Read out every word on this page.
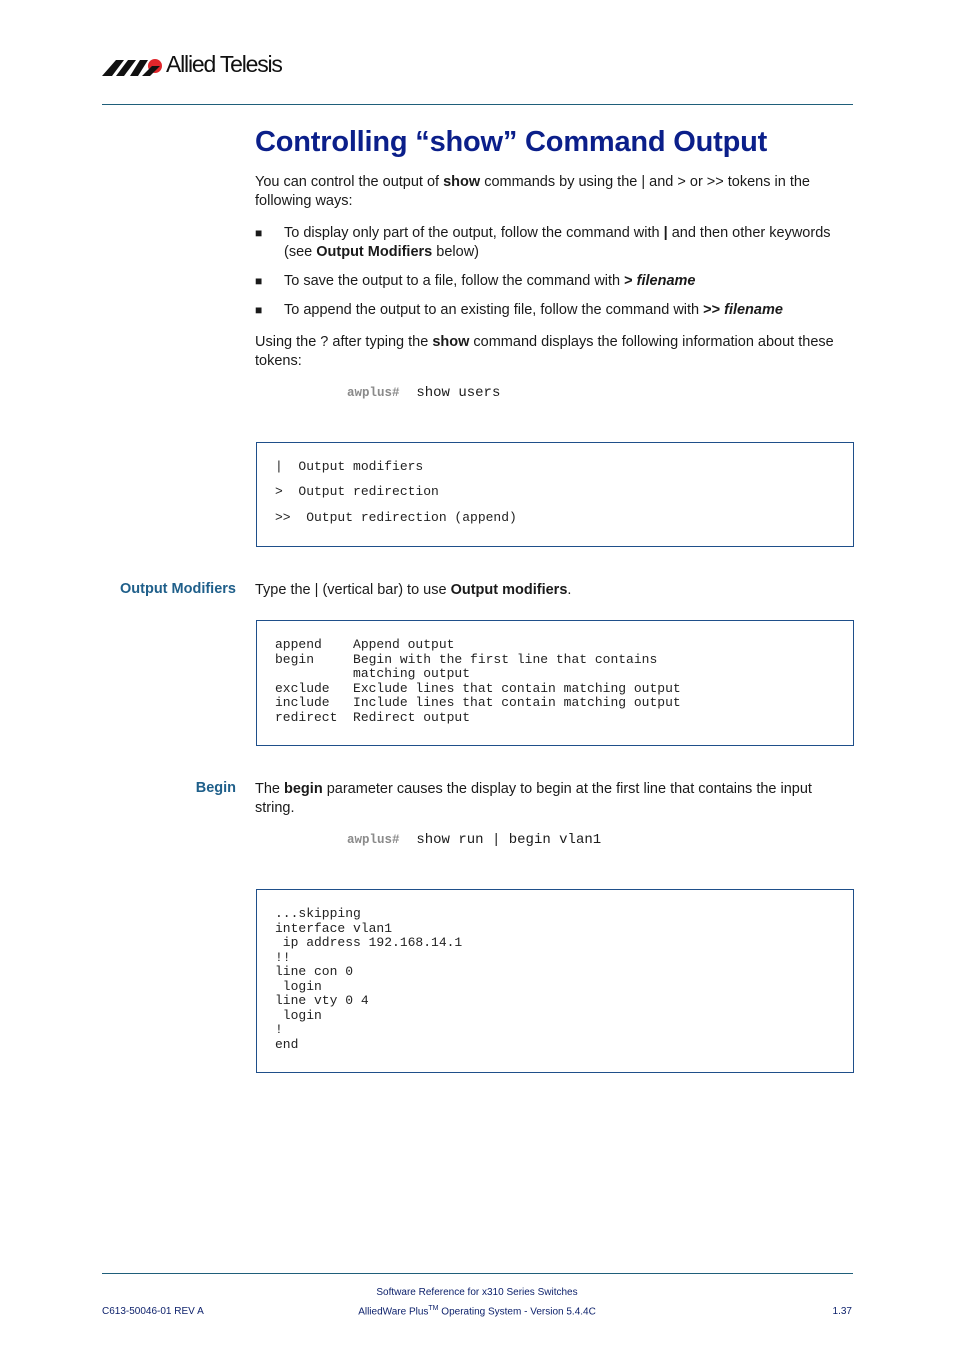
Allied Telesis
Controlling “show” Command Output
You can control the output of show commands by using the | and > or >> tokens in the following ways:
■ To display only part of the output, follow the command with | and then other keywords (see Output Modifiers below)
■ To save the output to a file, follow the command with > filename
■ To append the output to an existing file, follow the command with >> filename
Using the ? after typing the show command displays the following information about these tokens:
awplus# show users
|  Output modifiers
>  Output redirection
>>  Output redirection (append)
Output Modifiers Type the | (vertical bar) to use Output modifiers.
append    Append output
begin     Begin with the first line that contains
matching output
exclude   Exclude lines that contain matching output
include   Include lines that contain matching output
redirect  Redirect output
Begin The begin parameter causes the display to begin at the first line that contains the input string.
awplus# show run | begin vlan1
...skipping
interface vlan1
ip address 192.168.14.1
!!
line con 0
login
line vty 0 4
login
!
end
Software Reference for x310 Series Switches
AlliedWare Plus™ Operating System - Version 5.4.4C
C613-50046-01 REV A	1.37
